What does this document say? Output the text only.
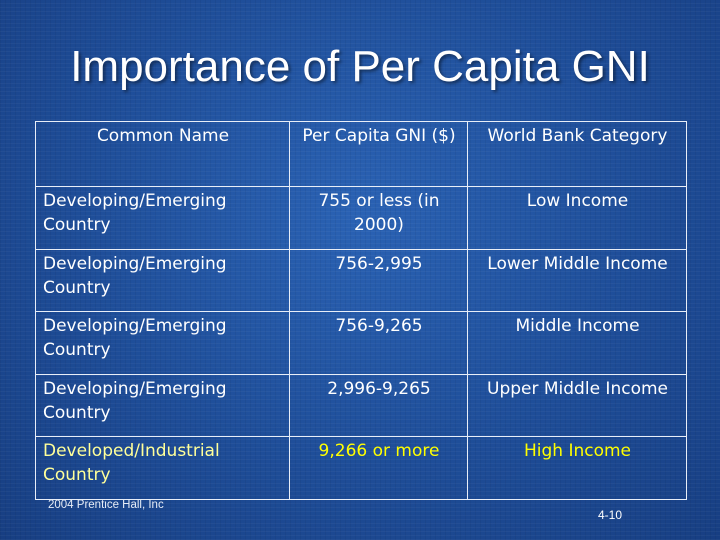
Importance of Per Capita GNI
Common Name	Per Capita GNI ($)	World Bank Category
Developing/Emerging Country	755 or less (in 2000)	Low Income
Developing/Emerging Country	756-2,995	Lower Middle Income
Developing/Emerging Country	756-9,265	Middle Income
Developing/Emerging Country	2,996-9,265	Upper Middle Income
Developed/Industrial Country	9,266 or more	High Income
2004 Prentice Hall, Inc
4-10
